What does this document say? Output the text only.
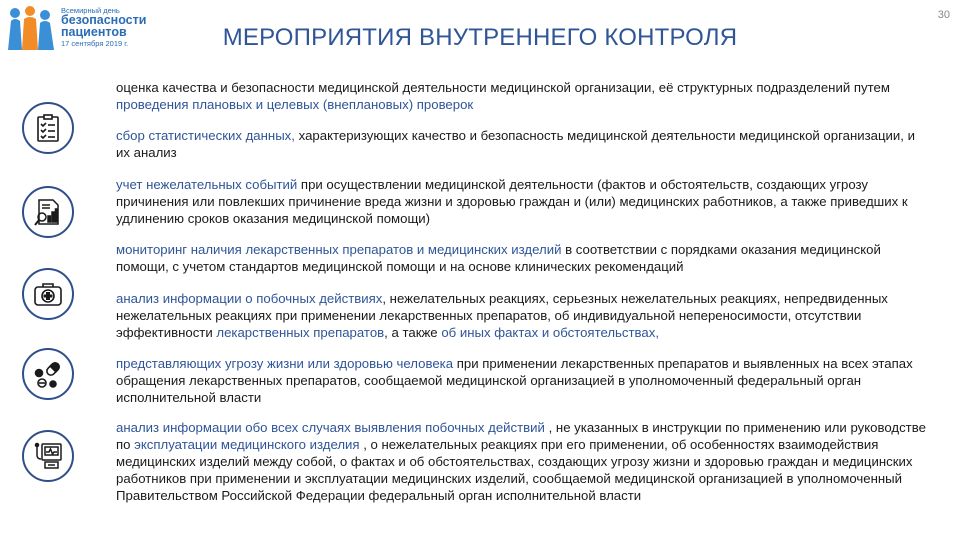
Всемирный день
безопасности
пациентов
17 сентября 2019 г.
30
МЕРОПРИЯТИЯ ВНУТРЕННЕГО КОНТРОЛЯ
оценка качества и безопасности медицинской деятельности медицинской организации, её структурных подразделений путем проведения плановых и целевых (внеплановых) проверок
сбор статистических данных, характеризующих качество и безопасность медицинской деятельности медицинской организации, и их анализ
учет нежелательных событий при осуществлении медицинской деятельности (фактов и обстоятельств, создающих угрозу причинения или повлекших причинение вреда жизни и здоровью граждан и (или) медицинских работников, а также приведших к удлинению сроков оказания медицинской помощи)
мониторинг наличия лекарственных препаратов и медицинских изделий в соответствии с порядками оказания медицинской помощи, с учетом стандартов медицинской помощи и на основе клинических рекомендаций
анализ информации о побочных действиях, нежелательных реакциях, серьезных нежелательных реакциях, непредвиденных нежелательных реакциях при применении лекарственных препаратов, об индивидуальной непереносимости, отсутствии эффективности лекарственных препаратов, а также об иных фактах и обстоятельствах,
представляющих угрозу жизни или здоровью человека при применении лекарственных препаратов и выявленных на всех этапах обращения лекарственных препаратов, сообщаемой медицинской организацией в уполномоченный федеральный орган исполнительной власти
анализ информации обо всех случаях выявления побочных действий , не указанных в инструкции по применению или руководстве по эксплуатации медицинского изделия , о нежелательных реакциях при его применении, об особенностях взаимодействия медицинских изделий между собой, о фактах и об обстоятельствах, создающих угрозу жизни и здоровью граждан и медицинских работников при применении и эксплуатации медицинских изделий, сообщаемой медицинской организацией в уполномоченный Правительством Российской Федерации федеральный орган исполнительной власти
